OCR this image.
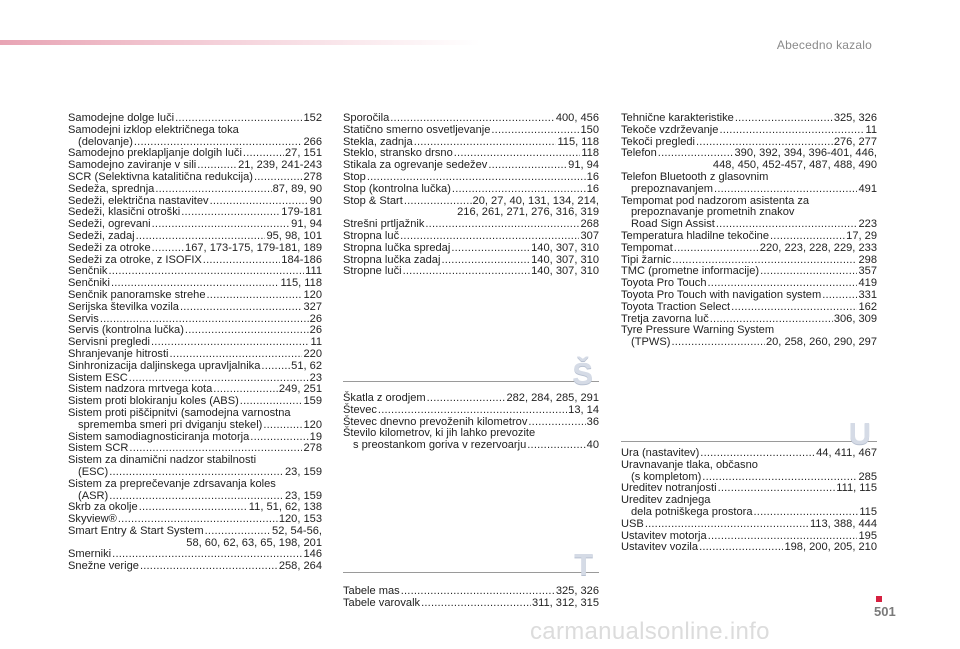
Abecedno kazalo
Samodejne dolge luči .....	152
Samodejni izklop električnega toka
(delovanje) .....	266
Samodejno preklapljanje dolgih luči .....	27, 151
Samodejno zaviranje v sili .....	21, 239, 241-243
SCR (Selektivna katalitična redukcija) .....	278
Sedeža, sprednja .....	87, 89, 90
Sedeži, električna nastavitev .....	90
Sedeži, klasični otroški .....	179-181
Sedeži, ogrevani .....	91, 94
Sedeži, zadaj .....	95, 98, 101
Sedeži za otroke .....	167, 173-175, 179-181, 189
Sedeži za otroke, z ISOFIX .....	184-186
Senčnik .....	111
Senčniki .....	115, 118
Senčnik panoramske strehe .....	120
Serijska številka vozila .....	327
Servis .....	26
Servis (kontrolna lučka) .....	26
Servisni pregledi .....	11
Shranjevanje hitrosti .....	220
Sinhronizacija daljinskega upravljalnika .....	51, 62
Sistem ESC .....	23
Sistem nadzora mrtvega kota .....	249, 251
Sistem proti blokiranju koles (ABS) .....	159
Sistem proti piščipnitvi (samodejna varnostna
sprememba smeri pri dviganju stekel) .....	120
Sistem samodiagnosticiranja motorja .....	19
Sistem SCR .....	278
Sistem za dinamični nadzor stabilnosti
(ESC) .....	23, 159
Sistem za preprečevanje zdrsavanja koles
(ASR) .....	23, 159
Skrb za okolje .....	11, 51, 62, 138
Skyview® .....	120, 153
Smart Entry & Start System .....	52, 54-56,
58, 60, 62, 63, 65, 198, 201
Smerniki .....	146
Snežne verige .....	258, 264
Sporočila .....	400, 456
Statično smerno osvetljevanje .....	150
Stekla, zadnja .....	115, 118
Steklo, stransko drsno .....	118
Stikala za ogrevanje sedežev .....	91, 94
Stop .....	16
Stop (kontrolna lučka) .....	16
Stop & Start .....	20, 27, 40, 131, 134, 214,
216, 261, 271, 276, 316, 319
Strešni prtljažnik .....	268
Stropna luč .....	307
Stropna lučka spredaj .....	140, 307, 310
Stropna lučka zadaj .....	140, 307, 310
Stropne luči .....	140, 307, 310
Tehnične karakteristike .....	325, 326
Tekoče vzdrževanje .....	11
Tekoči pregledi .....	276, 277
Telefon .....	390, 392, 394, 396-401, 446,
448, 450, 452-457, 487, 488, 490
Telefon Bluetooth z glasovnim
prepoznavanjem .....	491
Tempomat pod nadzorom asistenta za
prepoznavanje prometnih znakov
Road Sign Assist .....	223
Temperatura hladilne tekočine .....	17, 29
Tempomat .....	220, 223, 228, 229, 233
Tipi žarnic .....	298
TMC (prometne informacije) .....	357
Toyota Pro Touch .....	419
Toyota Pro Touch with navigation system .....	331
Toyota Traction Select .....	162
Tretja zavorna luč .....	306, 309
Tyre Pressure Warning System
(TPWS) .....	20, 258, 260, 290, 297
Š
Škatla z orodjem .....	282, 284, 285, 291
Števec .....	13, 14
Števec dnevno prevoženih kilometrov .....	36
Število kilometrov, ki jih lahko prevozite
s preostankom goriva v rezervoarju .....	40
T
Tabele mas .....	325, 326
Tabele varovalk .....	311, 312, 315
U
Ura (nastavitev) .....	44, 411, 467
Uravnavanje tlaka, občasno
(s kompletom) .....	285
Ureditev notranjosti .....	111, 115
Ureditev zadnjega
dela potniškega prostora .....	115
USB .....	113, 388, 444
Ustavitev motorja .....	195
Ustavitev vozila .....	198, 200, 205, 210
501
carmanualsonline.info
